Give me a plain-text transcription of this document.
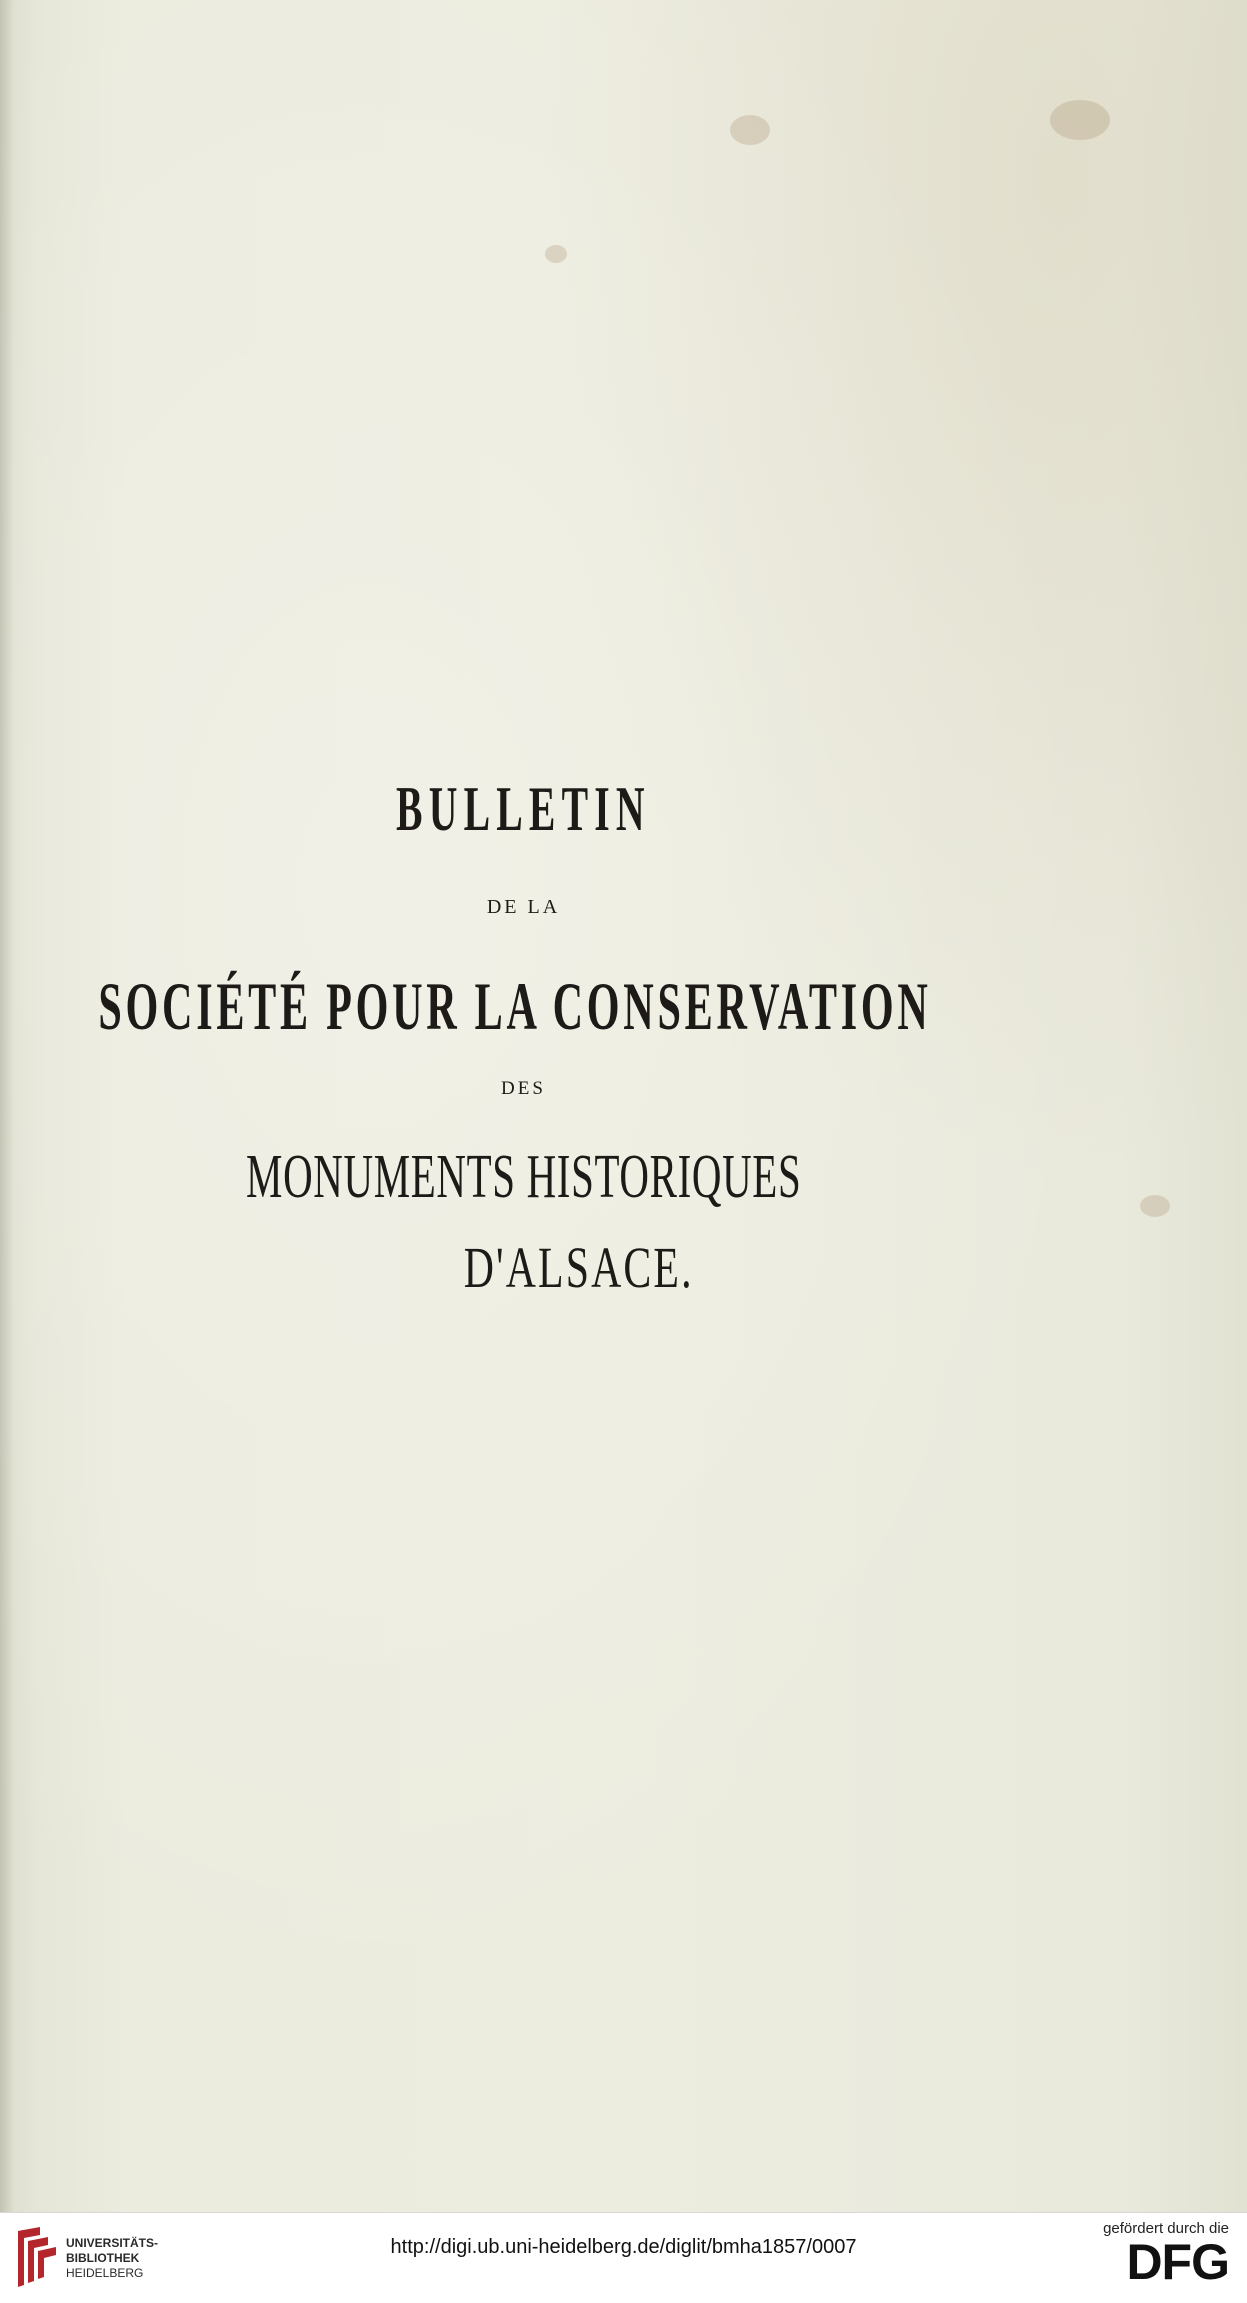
BULLETIN
DE LA
SOCIÉTÉ POUR LA CONSERVATION
DES
MONUMENTS HISTORIQUES
D'ALSACE.
UNIVERSITÄTS-
BIBLIOTHEK
HEIDELBERG
http://digi.ub.uni-heidelberg.de/diglit/bmha1857/0007
gefördert durch die
DFG
